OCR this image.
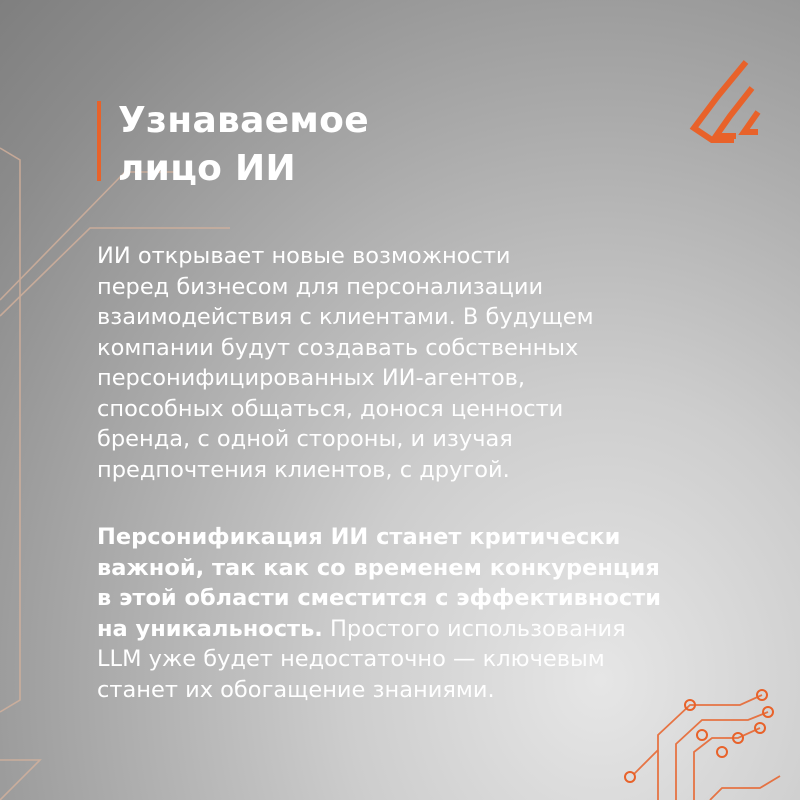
Узнаваемое
лицо ИИ

ИИ открывает новые возможности
перед бизнесом для персонализации
взаимодействия с клиентами. В будущем
компании будут создавать собственных
персонифицированных ИИ-агентов,
способных общаться, донося ценности
бренда, с одной стороны, и изучая
предпочтения клиентов, с другой.

Персонификация ИИ станет критически
важной, так как со временем конкуренция
в этой области сместится с эффективности
на уникальность. Простого использования
LLM уже будет недостаточно — ключевым
станет их обогащение знаниями.
